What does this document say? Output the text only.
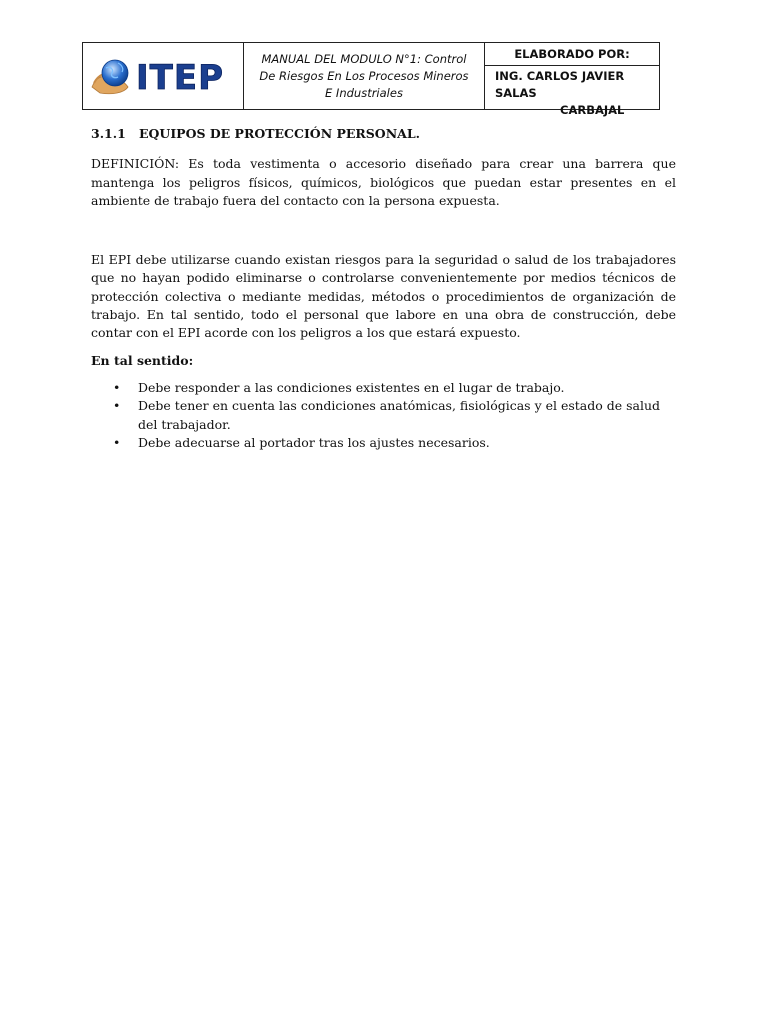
ITEP	MANUAL DEL MODULO N°1: Control
De Riesgos En Los Procesos Mineros
E Industriales
ELABORADO POR:
ING. CARLOS JAVIER SALAS
CARBAJAL
3.1.1 EQUIPOS DE PROTECCIÓN PERSONAL.

DEFINICIÓN: Es toda vestimenta o accesorio diseñado para crear una barrera que mantenga los peligros físicos, químicos, biológicos que puedan estar presentes en el ambiente de trabajo fuera del contacto con la persona expuesta.

El EPI debe utilizarse cuando existan riesgos para la seguridad o salud de los trabajadores que no hayan podido eliminarse o controlarse convenientemente por medios técnicos de protección colectiva o mediante medidas, métodos o procedimientos de organización de trabajo. En tal sentido, todo el personal que labore en una obra de construcción, debe contar con el EPI acorde con los peligros a los que estará expuesto.

En tal sentido:
• Debe responder a las condiciones existentes en el lugar de trabajo.
• Debe tener en cuenta las condiciones anatómicas, fisiológicas y el estado de salud del trabajador.
• Debe adecuarse al portador tras los ajustes necesarios.
